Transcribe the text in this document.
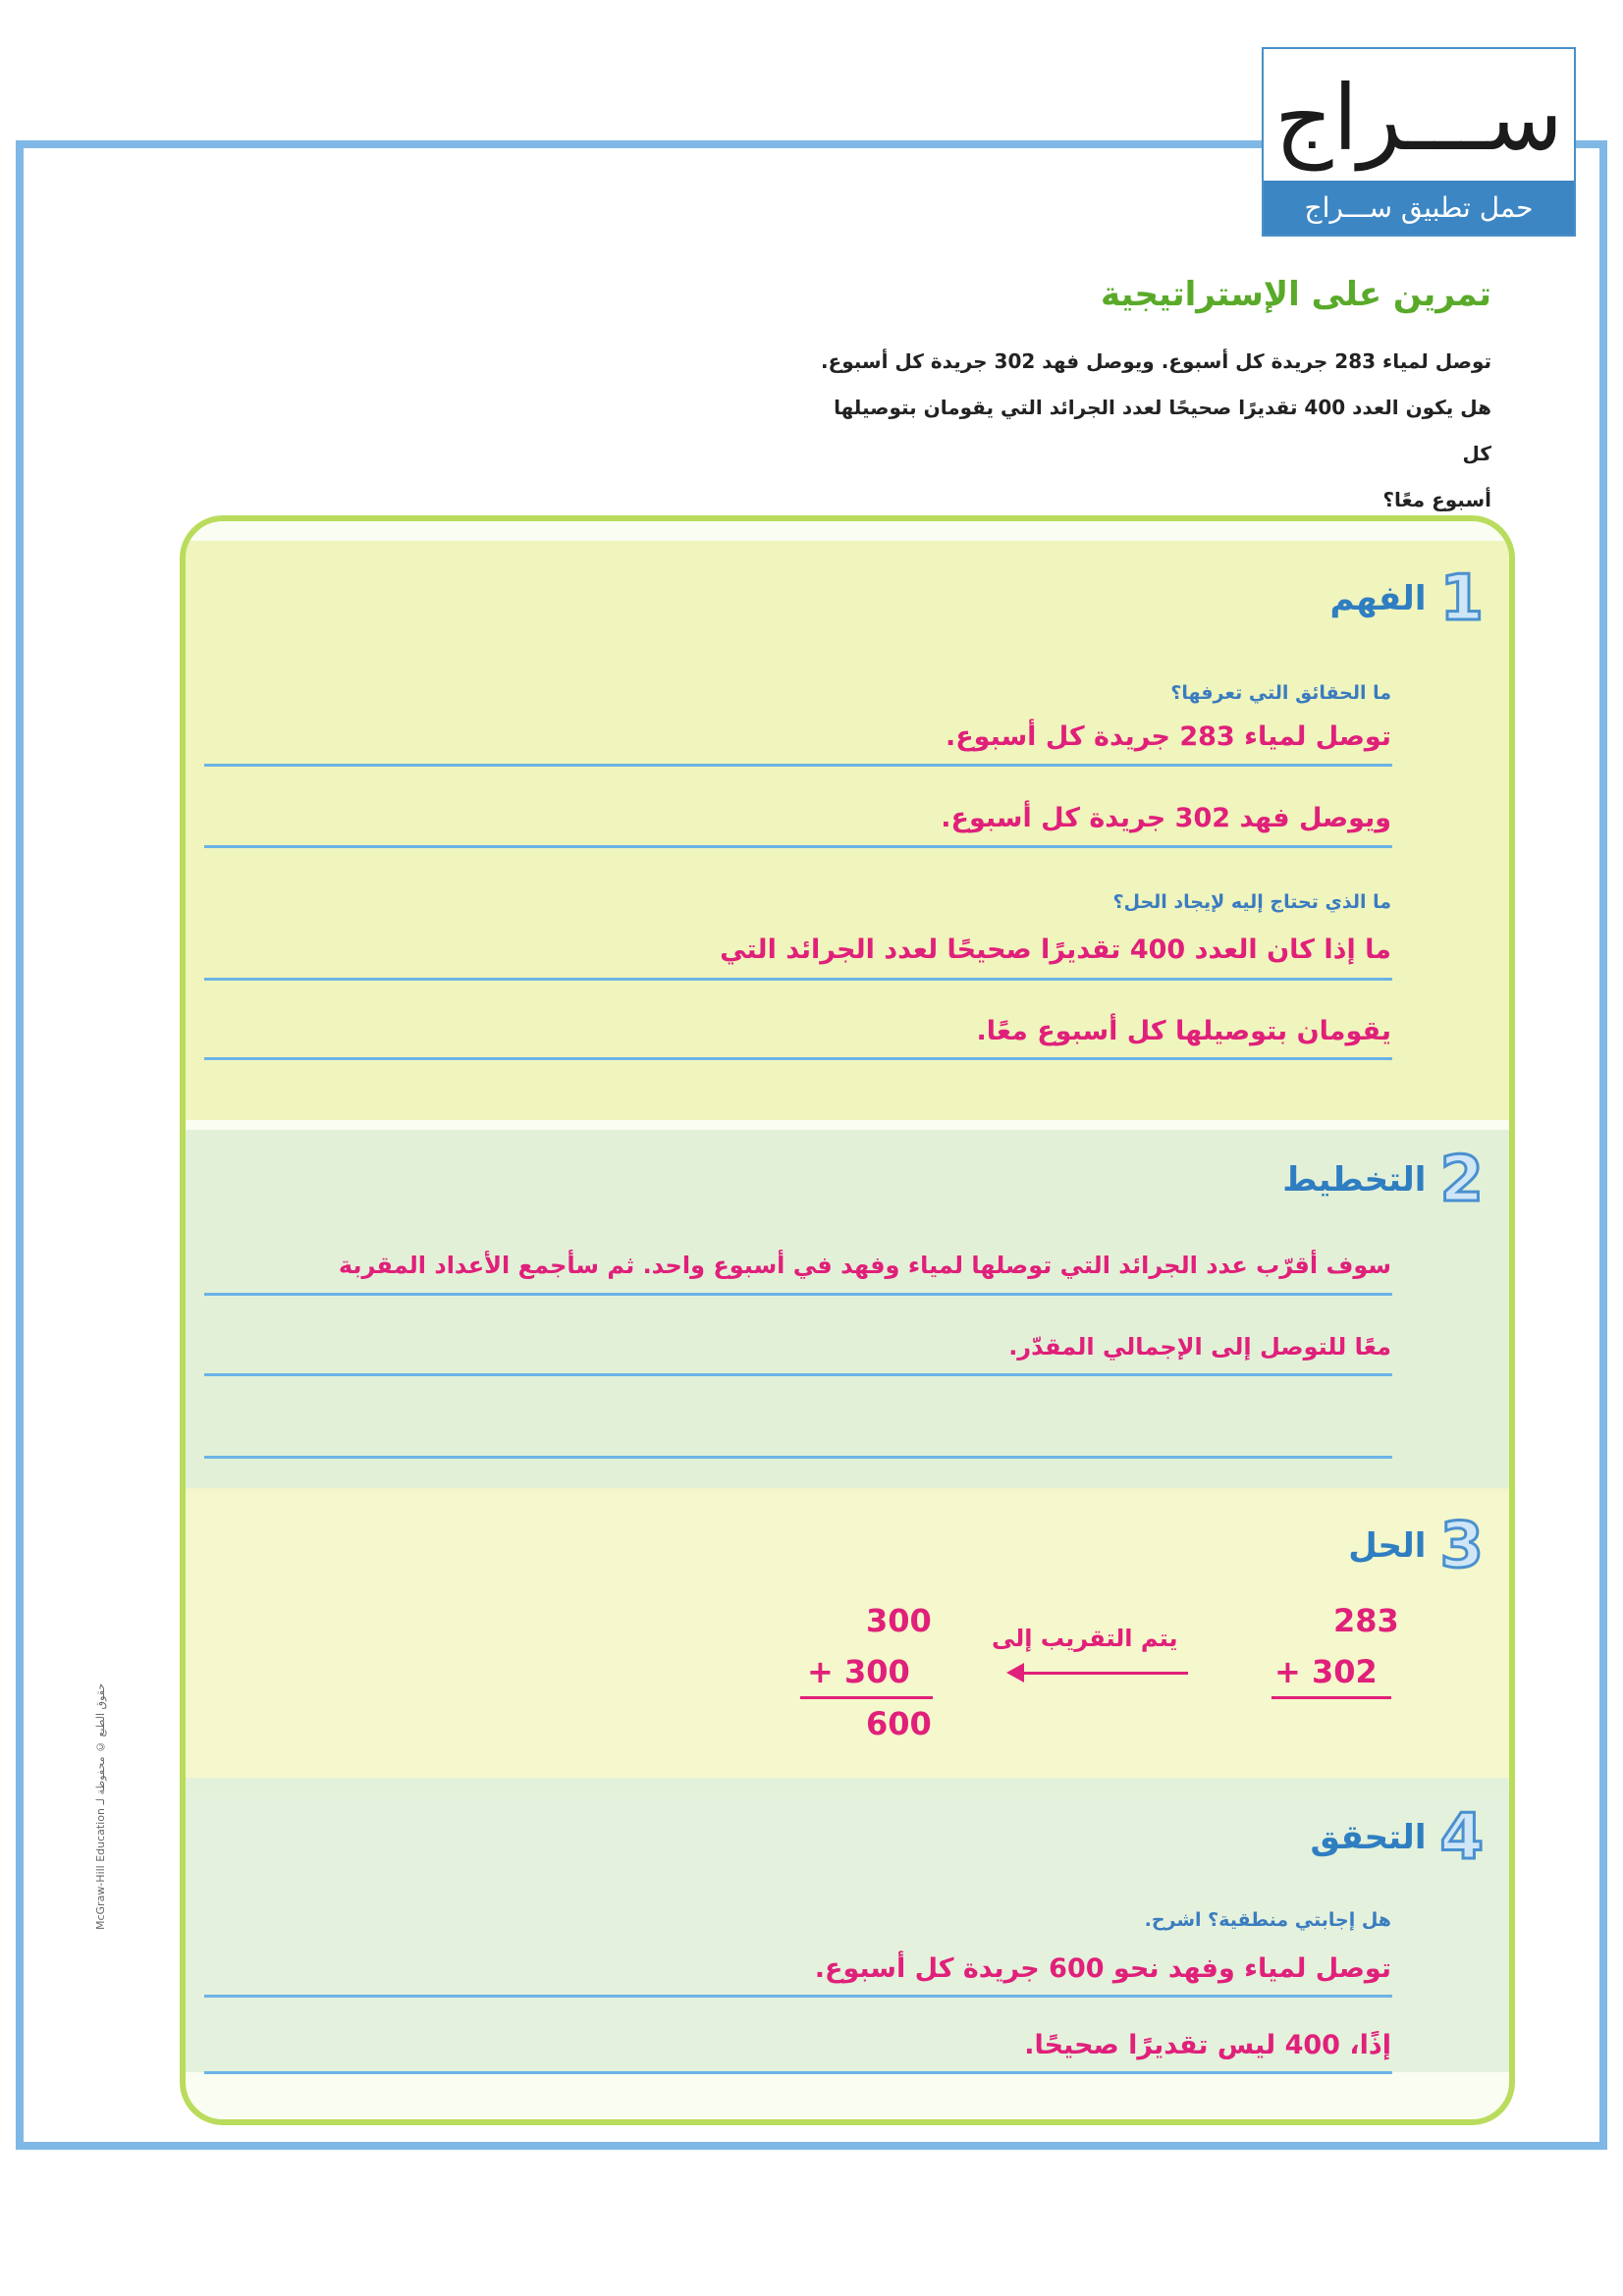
ســـراج
حمل تطبيق ســـراج
حقوق الطبع © محفوظة لـ McGraw-Hill Education
تمرين على الإستراتيجية
توصل لمياء 283 جريدة كل أسبوع. ويوصل فهد 302 جريدة كل أسبوع.
هل يكون العدد 400 تقديرًا صحيحًا لعدد الجرائد التي يقومان بتوصيلها كل
أسبوع معًا؟
1
الفهم
ما الحقائق التي تعرفها؟
توصل لمياء 283 جريدة كل أسبوع.
ويوصل فهد 302 جريدة كل أسبوع.
ما الذي تحتاج إليه لإيجاد الحل؟
ما إذا كان العدد 400 تقديرًا صحيحًا لعدد الجرائد التي
يقومان بتوصيلها كل أسبوع معًا.
2
التخطيط
سوف أقرّب عدد الجرائد التي توصلها لمياء وفهد في أسبوع واحد. ثم سأجمع الأعداد المقربة
معًا للتوصل إلى الإجمالي المقدّر.
3
الحل
283
+ 302
يتم التقريب إلى
300
+ 300
600
4
التحقق
هل إجابتي منطقية؟ اشرح.
توصل لمياء وفهد نحو 600 جريدة كل أسبوع.
إذًا، 400 ليس تقديرًا صحيحًا.
